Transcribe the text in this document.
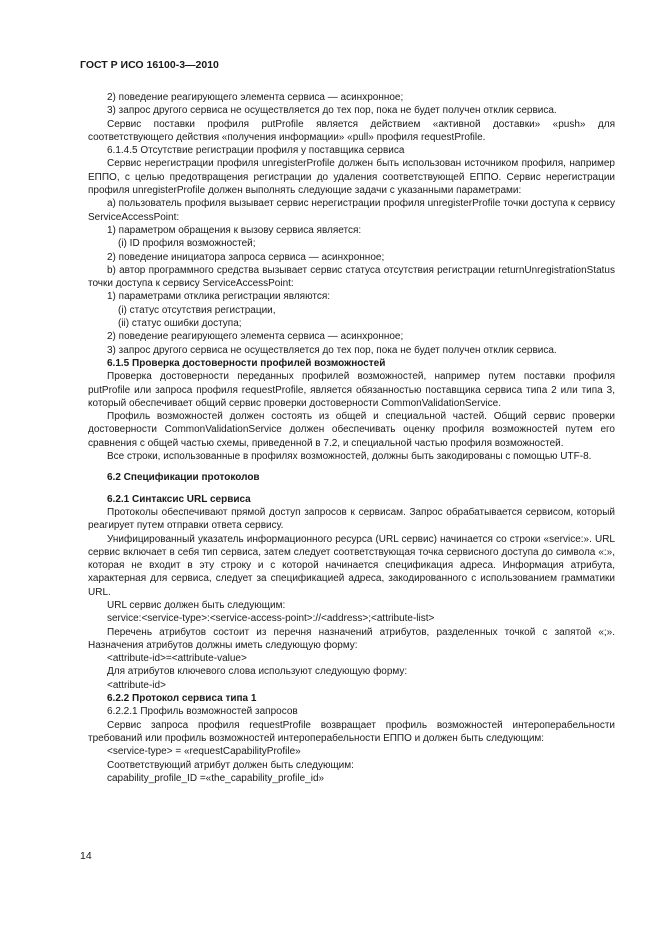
ГОСТ Р ИСО 16100-3—2010

2) поведение реагирующего элемента сервиса — асинхронное;

3) запрос другого сервиса не осуществляется до тех пор, пока не будет получен отклик сервиса.

Сервис поставки профиля putProfile является действием «активной доставки» «push» для соответствующего действия «получения информации» «pull» профиля requestProfile.

6.1.4.5 Отсутствие регистрации профиля у поставщика сервиса

Сервис нерегистрации профиля unregisterProfile должен быть использован источником профиля, например ЕППО, с целью предотвращения регистрации до удаления соответствующей ЕППО. Сервис нерегистрации профиля unregisterProfile должен выполнять следующие задачи с указанными параметрами:

a) пользователь профиля вызывает сервис нерегистрации профиля unregisterProfile точки доступа к сервису ServiceAccessPoint:

1) параметром обращения к вызову сервиса является:

(i) ID профиля возможностей;

2) поведение инициатора запроса сервиса — асинхронное;

b) автор программного средства вызывает сервис статуса отсутствия регистрации returnUnregistrationStatus точки доступа к сервису ServiceAccessPoint:

1) параметрами отклика регистрации являются:

(i) статус отсутствия регистрации,

(ii) статус ошибки доступа;

2) поведение реагирующего элемента сервиса — асинхронное;

3) запрос другого сервиса не осуществляется до тех пор, пока не будет получен отклик сервиса.

6.1.5 Проверка достоверности профилей возможностей

Проверка достоверности переданных профилей возможностей, например путем поставки профиля putProfile или запроса профиля requestProfile, является обязанностью поставщика сервиса типа 2 или типа 3, который обеспечивает общий сервис проверки достоверности CommonValidationService.

Профиль возможностей должен состоять из общей и специальной частей. Общий сервис проверки достоверности CommonValidationService должен обеспечивать оценку профиля возможностей путем его сравнения с общей частью схемы, приведенной в 7.2, и специальной частью профиля возможностей.

Все строки, использованные в профилях возможностей, должны быть закодированы с помощью UTF-8.

6.2 Спецификации протоколов

6.2.1 Синтаксис URL сервиса

Протоколы обеспечивают прямой доступ запросов к сервисам. Запрос обрабатывается сервисом, который реагирует путем отправки ответа сервису.

Унифицированный указатель информационного ресурса (URL сервис) начинается со строки «service:». URL сервис включает в себя тип сервиса, затем следует соответствующая точка сервисного доступа до символа «:», которая не входит в эту строку и с которой начинается спецификация адреса. Информация атрибута, характерная для сервиса, следует за спецификацией адреса, закодированного с использованием грамматики URL.

URL сервис должен быть следующим:

service:<service-type>:<service-access-point>://<address>;<attribute-list>

Перечень атрибутов состоит из перечня назначений атрибутов, разделенных точкой с запятой «;». Назначения атрибутов должны иметь следующую форму:

<attribute-id>=<attribute-value>

Для атрибутов ключевого слова используют следующую форму:

<attribute-id>

6.2.2 Протокол сервиса типа 1

6.2.2.1 Профиль возможностей запросов

Сервис запроса профиля requestProfile возвращает профиль возможностей интероперабельности требований или профиль возможностей интероперабельности ЕППО и должен быть следующим:

<service-type> = «requestCapabilityProfile»

Соответствующий атрибут должен быть следующим:

capability_profile_ID =«the_capability_profile_id»

14
